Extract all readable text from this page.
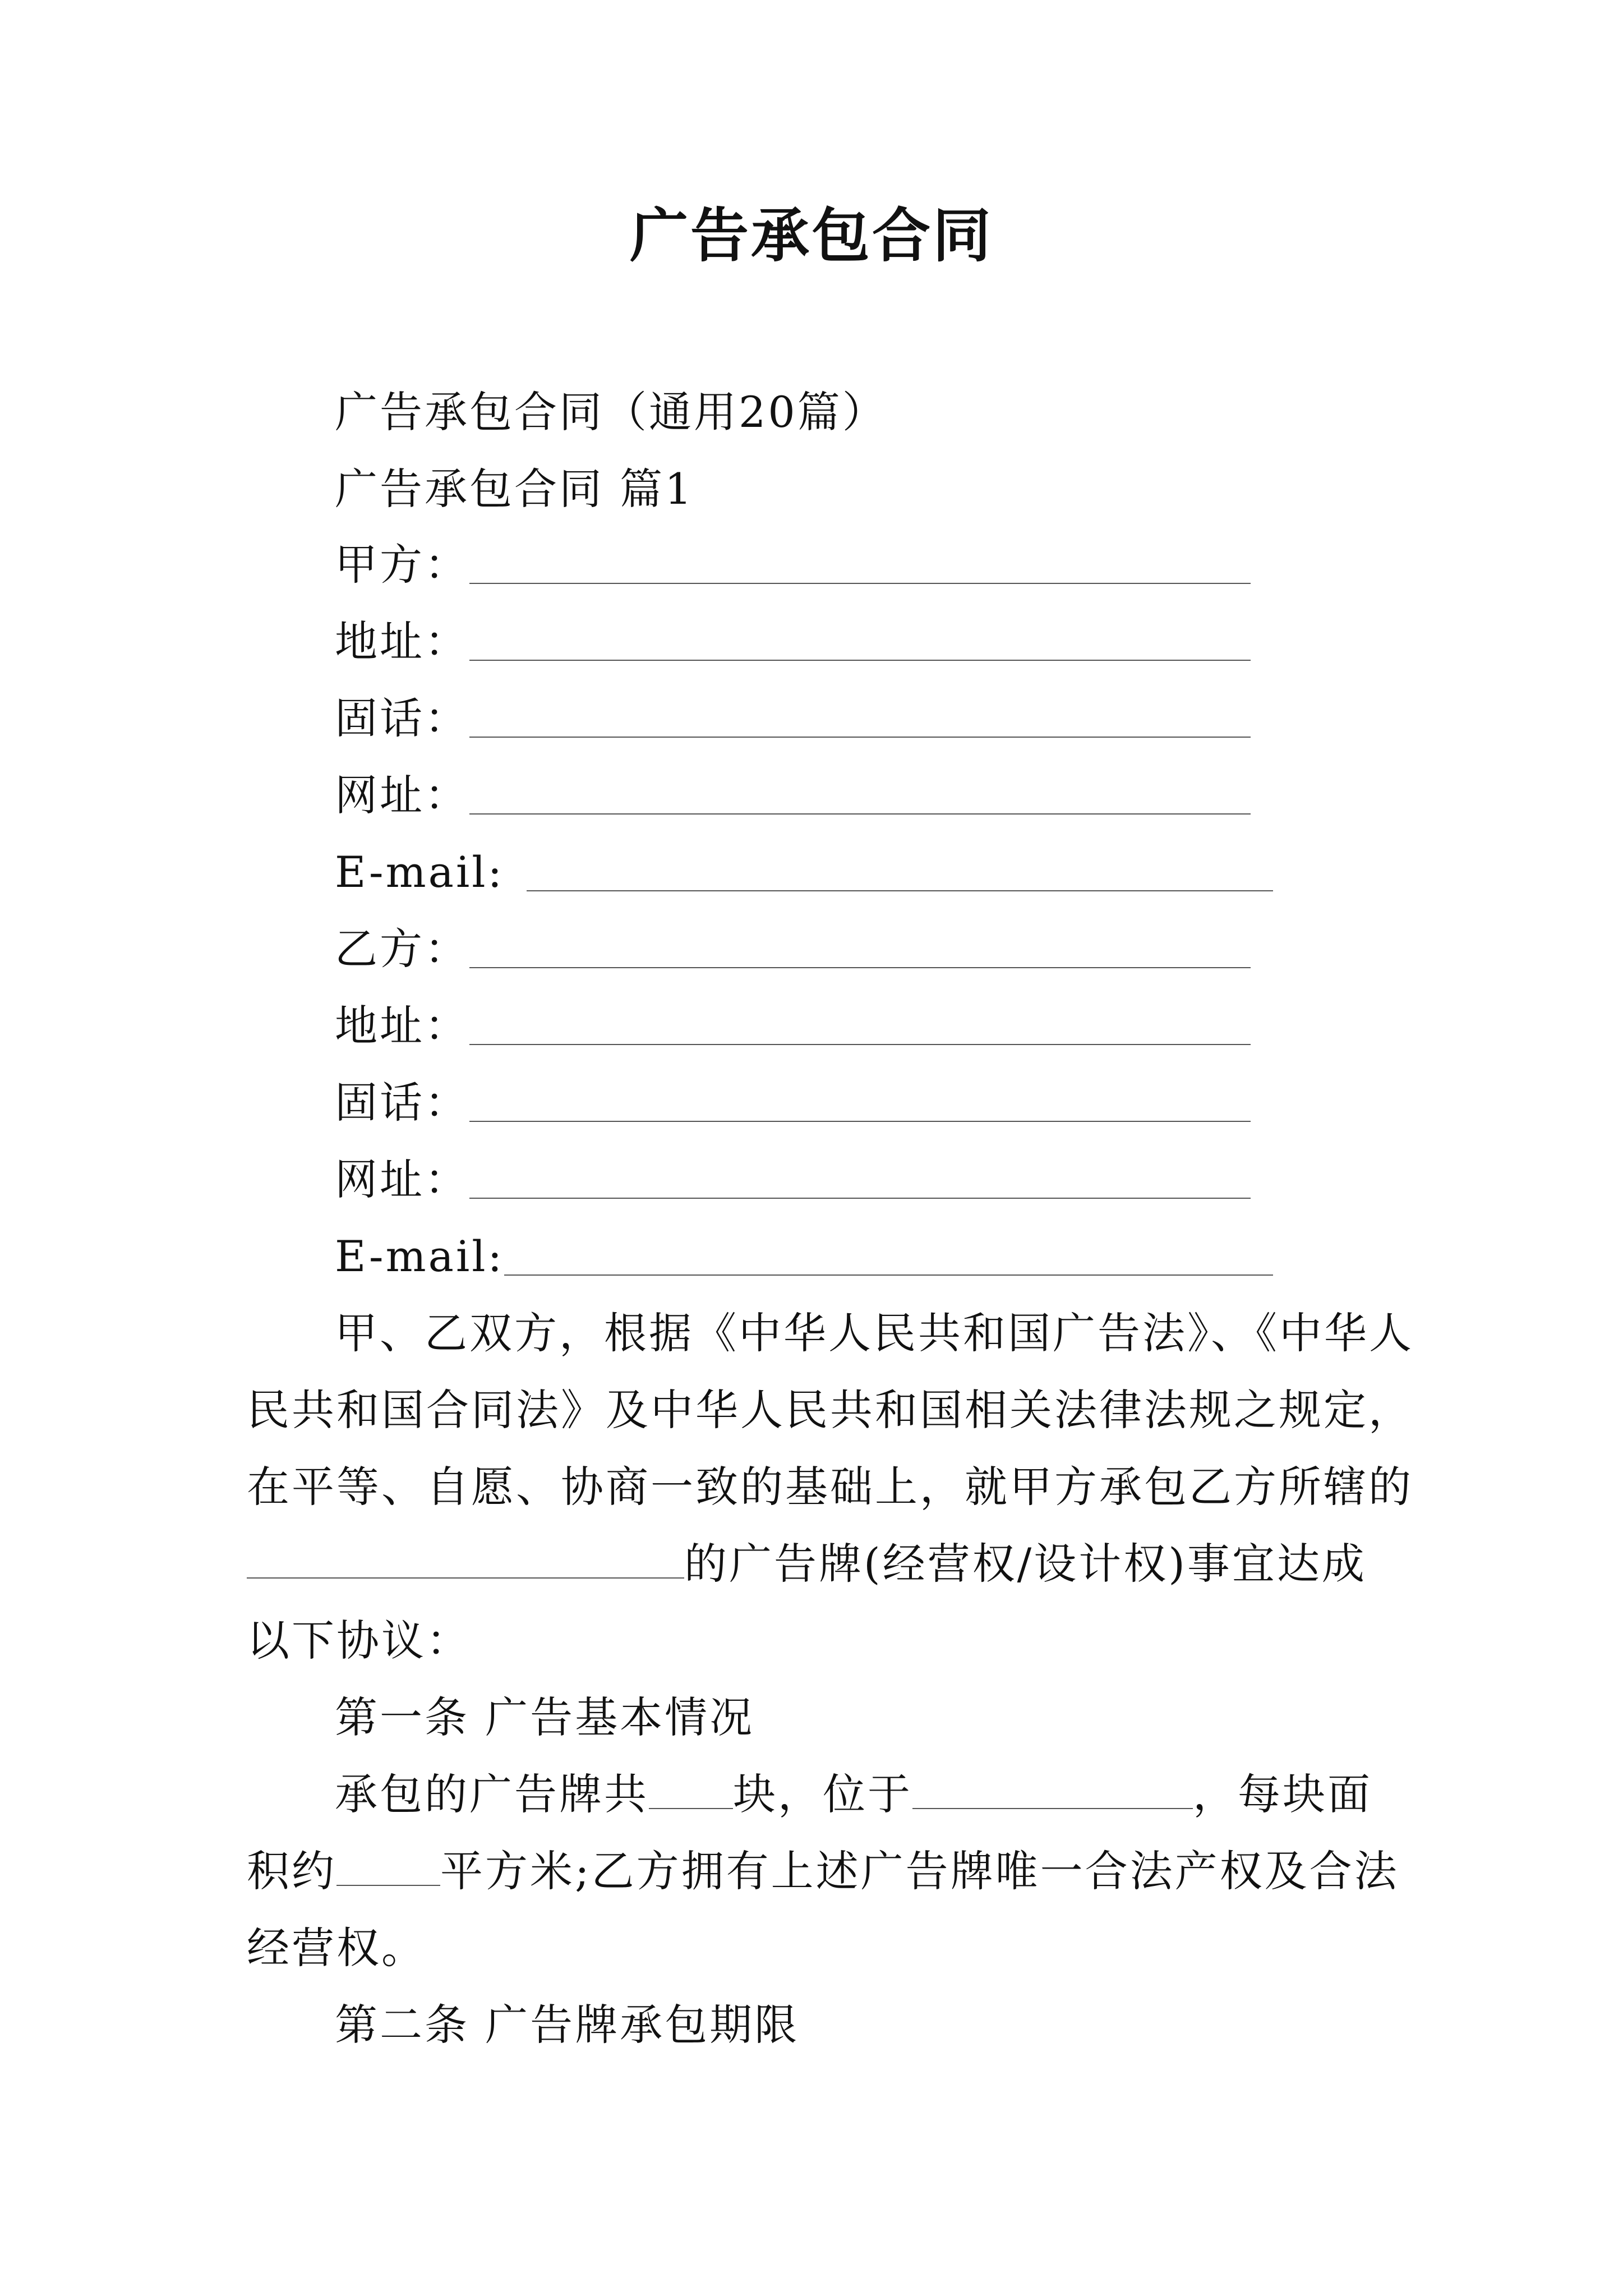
广告承包合同
广告承包合同（通用20篇）
广告承包合同 篇1
甲方：
地址：
固话：
网址：
E-mail:
乙方：
地址：
固话：
网址：
E-mail:
甲、乙双方，根据《中华人民共和国广告法》、《中华人
民共和国合同法》及中华人民共和国相关法律法规之规定，
在平等、自愿、协商一致的基础上，就甲方承包乙方所辖的
的广告牌(经营权/设计权)事宜达成
以下协议：
第一条 广告基本情况
承包的广告牌共 块，位于	，每块面
积约 平方米;乙方拥有上述广告牌唯一合法产权及合法
经营权。
第二条 广告牌承包期限
